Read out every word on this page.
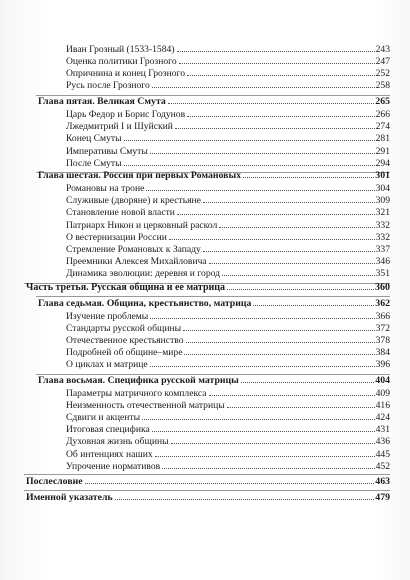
Иван Грозный (1533-1584)	243
Оценка политики Грозного	247
Опричнина и конец Грозного	252
Русь после Грозного	258
Глава пятая. Великая Смута	265
Царь Федор и Борис Годунов	266
Лжедмитрий I и Шуйский	274
Конец Смуты	281
Императивы Смуты	291
После Смуты	294
Глава шестая. Россия при первых Романовых	301
Романовы на троне	304
Служивые (дворяне) и крестьяне	309
Становление новой власти	321
Патриарх Никон и церковный раскол	332
О вестернизации России	332
Стремление Романовых к Западу	337
Преемники Алексея Михайловича	346
Динамика эволюции: деревня и город	351
Часть третья. Русская община и ее матрица	360
Глава седьмая. Община, крестьянство, матрица	362
Изучение проблемы	366
Стандарты русской общины	372
Отечественное крестьянство	378
Подробней об общине–мире	384
О циклах и матрице	396
Глава восьмая. Специфика русской матрицы	404
Параметры матричного комплекса	409
Неизменность отечественной матрицы	416
Сдвиги и акценты	424
Итоговая специфика	431
Духовная жизнь общины	436
Об интенциях наших	445
Упрочение нормативов	452
Послесловие	463
Именной указатель	479
